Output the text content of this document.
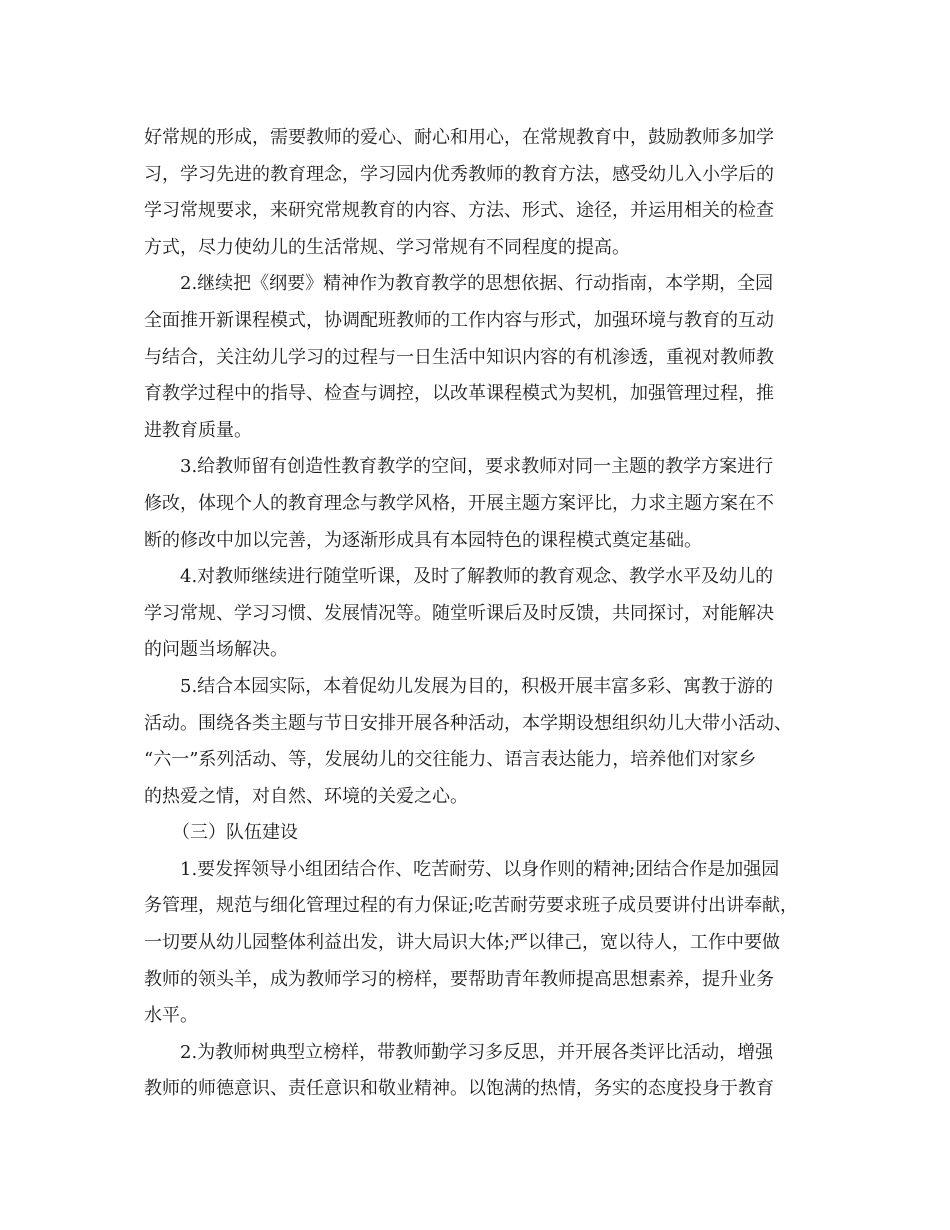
好常规的形成，需要教师的爱心、耐心和用心，在常规教育中，鼓励教师多加学
习，学习先进的教育理念，学习园内优秀教师的教育方法，感受幼儿入小学后的
学习常规要求，来研究常规教育的内容、方法、形式、途径，并运用相关的检查
方式，尽力使幼儿的生活常规、学习常规有不同程度的提高。
2.继续把《纲要》精神作为教育教学的思想依据、行动指南，本学期，全园
全面推开新课程模式，协调配班教师的工作内容与形式，加强环境与教育的互动
与结合，关注幼儿学习的过程与一日生活中知识内容的有机渗透，重视对教师教
育教学过程中的指导、检查与调控，以改革课程模式为契机，加强管理过程，推
进教育质量。
3.给教师留有创造性教育教学的空间，要求教师对同一主题的教学方案进行
修改，体现个人的教育理念与教学风格，开展主题方案评比，力求主题方案在不
断的修改中加以完善，为逐渐形成具有本园特色的课程模式奠定基础。
4.对教师继续进行随堂听课，及时了解教师的教育观念、教学水平及幼儿的
学习常规、学习习惯、发展情况等。随堂听课后及时反馈，共同探讨，对能解决
的问题当场解决。
5.结合本园实际，本着促幼儿发展为目的，积极开展丰富多彩、寓教于游的
活动。围绕各类主题与节日安排开展各种活动，本学期设想组织幼儿大带小活动、
“六一”系列活动、等，发展幼儿的交往能力、语言表达能力，培养他们对家乡
的热爱之情，对自然、环境的关爱之心。
（三）队伍建设
1.要发挥领导小组团结合作、吃苦耐劳、以身作则的精神;团结合作是加强园
务管理，规范与细化管理过程的有力保证;吃苦耐劳要求班子成员要讲付出讲奉献，
一切要从幼儿园整体利益出发，讲大局识大体;严以律己，宽以待人，工作中要做
教师的领头羊，成为教师学习的榜样，要帮助青年教师提高思想素养，提升业务
水平。
2.为教师树典型立榜样，带教师勤学习多反思，并开展各类评比活动，增强
教师的师德意识、责任意识和敬业精神。以饱满的热情，务实的态度投身于教育
